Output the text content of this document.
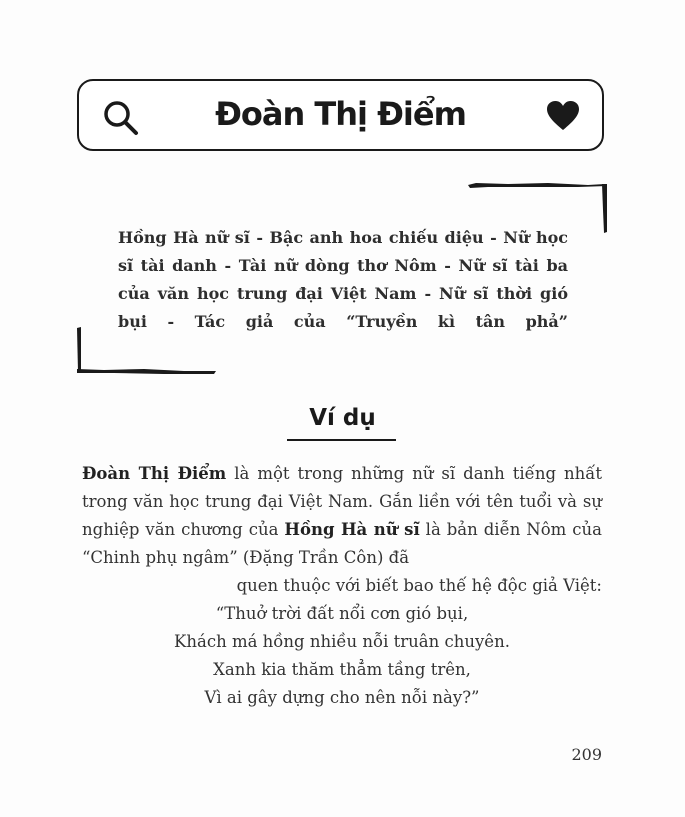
Đoàn Thị Điểm
Hồng Hà nữ sĩ - Bậc anh hoa chiếu diệu - Nữ học sĩ tài danh - Tài nữ dòng thơ Nôm - Nữ sĩ tài ba của văn học trung đại Việt Nam - Nữ sĩ thời gió bụi - Tác giả của “Truyền kì tân phả”
Ví dụ
Đoàn Thị Điểm là một trong những nữ sĩ danh tiếng nhất trong văn học trung đại Việt Nam. Gắn liền với tên tuổi và sự nghiệp văn chương của Hồng Hà nữ sĩ là bản diễn Nôm của “Chinh phụ ngâm” (Đặng Trần Côn) đã
quen thuộc với biết bao thế hệ độc giả Việt:
“Thuở trời đất nổi cơn gió bụi,
Khách má hồng nhiều nỗi truân chuyên.
Xanh kia thăm thẳm tầng trên,
Vì ai gây dựng cho nên nỗi này?”
209
